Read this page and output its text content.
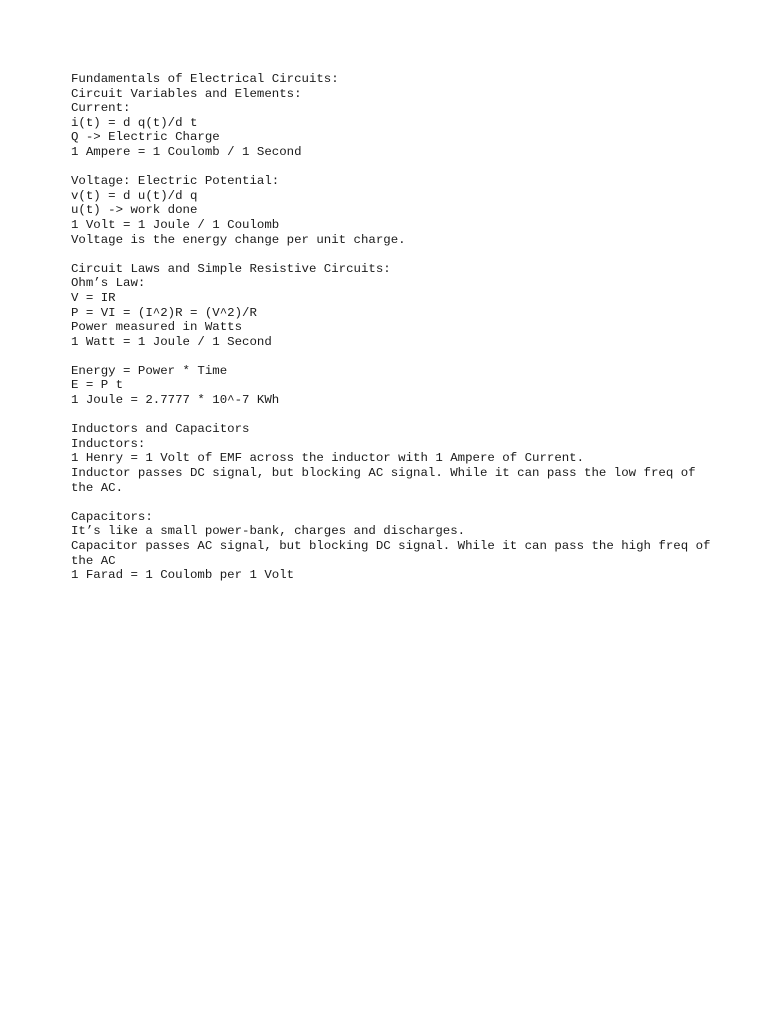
Fundamentals of Electrical Circuits:
Circuit Variables and Elements:
Current:
i(t) = d q(t)/d t
Q -> Electric Charge
1 Ampere = 1 Coulomb / 1 Second
Voltage: Electric Potential:
v(t) = d u(t)/d q
u(t) -> work done
1 Volt = 1 Joule / 1 Coulomb
Voltage is the energy change per unit charge.
Circuit Laws and Simple Resistive Circuits:
Ohm’s Law:
V = IR
P = VI = (I^2)R = (V^2)/R
Power measured in Watts
1 Watt = 1 Joule / 1 Second
Energy = Power * Time
E = P t
1 Joule = 2.7777 * 10^-7 KWh
Inductors and Capacitors
Inductors:
1 Henry = 1 Volt of EMF across the inductor with 1 Ampere of Current.
Inductor passes DC signal, but blocking AC signal. While it can pass the low freq of the AC.
Capacitors:
It’s like a small power-bank, charges and discharges.
Capacitor passes AC signal, but blocking DC signal. While it can pass the high freq of the AC
1 Farad = 1 Coulomb per 1 Volt
